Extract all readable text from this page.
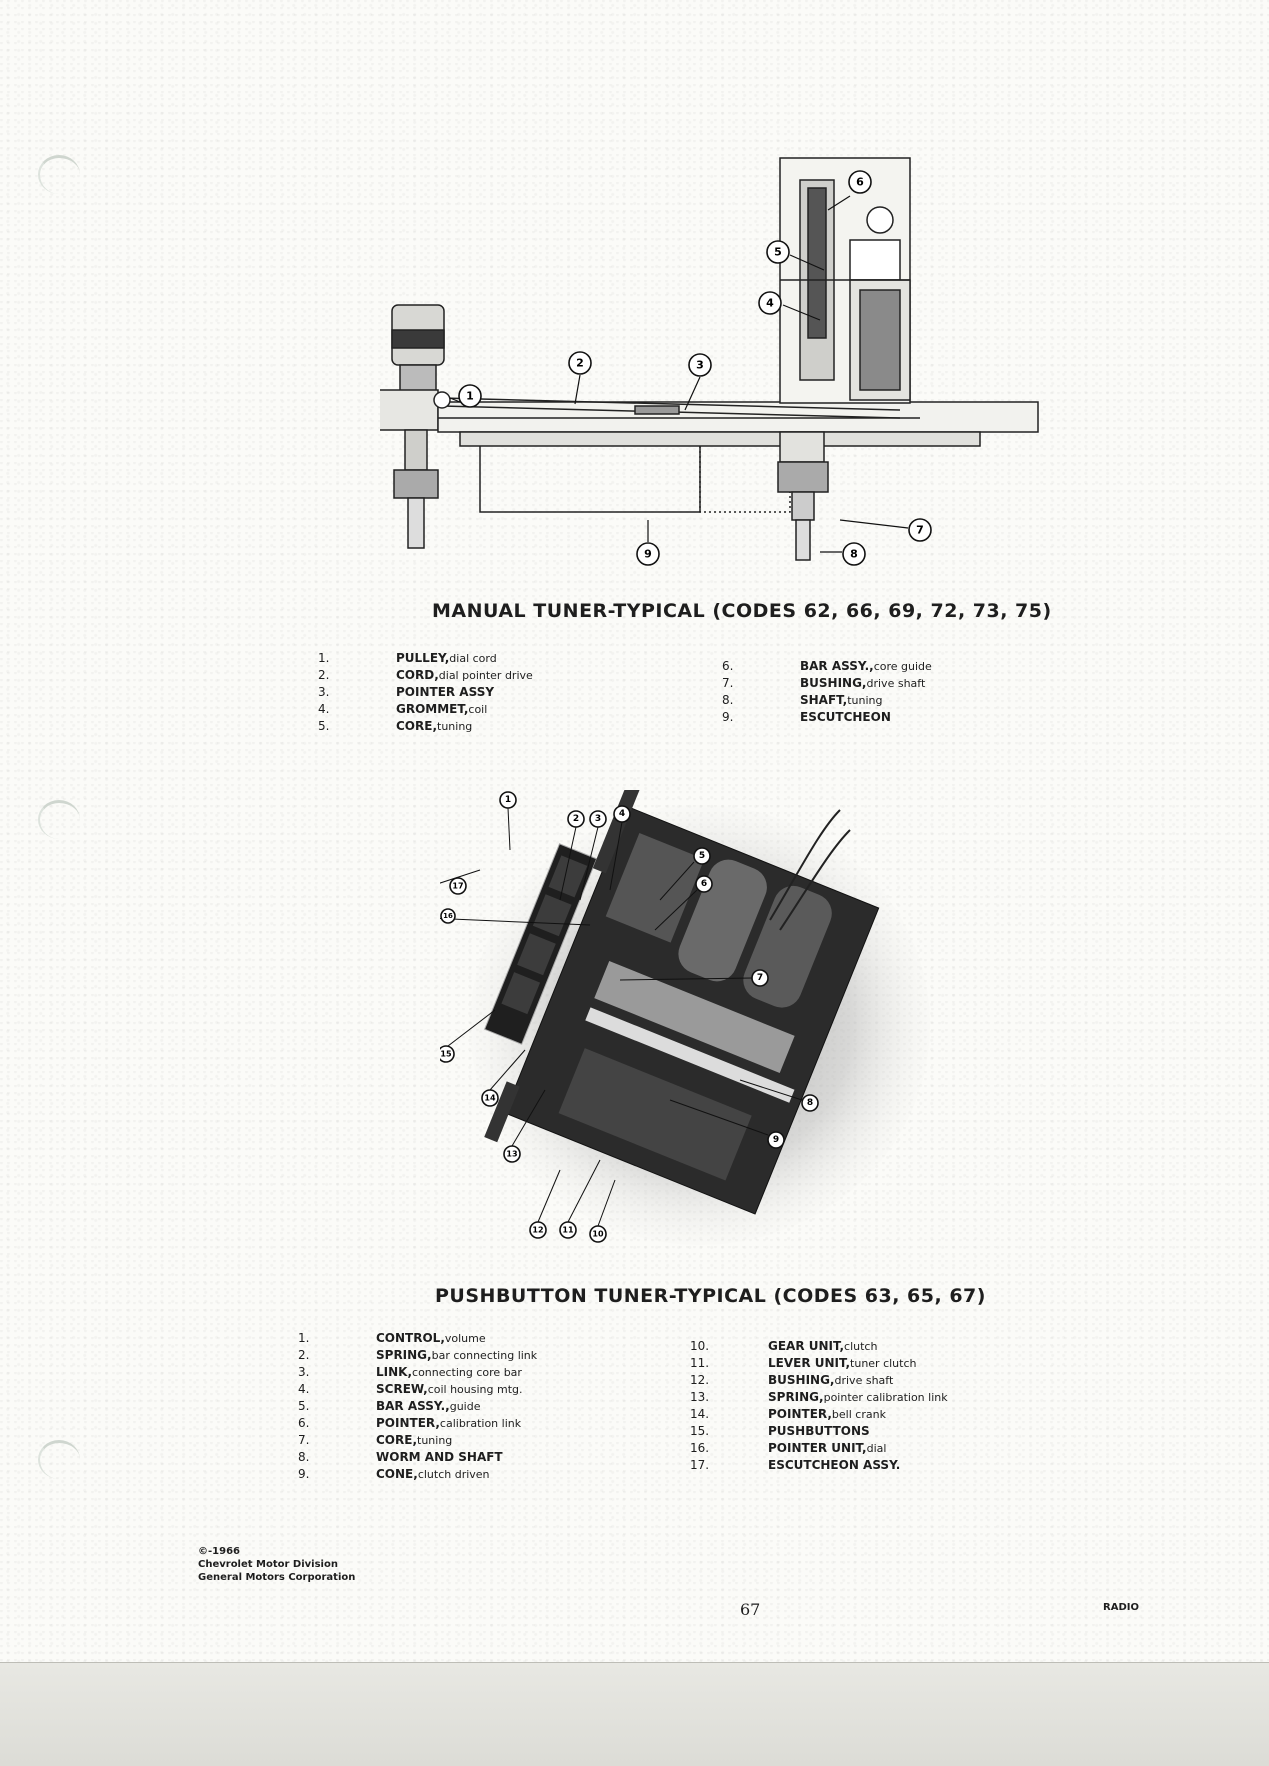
1
2	3
4
5
6
7
8
9
MANUAL TUNER-TYPICAL (CODES 62, 66, 69, 72, 73, 75)
1.	PULLEY, dial cord
2.	CORD, dial pointer drive
3.	POINTER ASSY
4.	GROMMET, coil
5.	CORE, tuning
6.	BAR ASSY., core guide
7.	BUSHING, drive shaft
8.	SHAFT, tuning
9.	ESCUTCHEON
1
2 3 4
5
6
7
8
9
10
11
12
13
14
15
17
16
PUSHBUTTON TUNER-TYPICAL (CODES 63, 65, 67)
1.	CONTROL, volume
2.	SPRING, bar connecting link
3.	LINK, connecting core bar
4.	SCREW, coil housing mtg.
5.	BAR ASSY., guide
6.	POINTER, calibration link
7.	CORE, tuning
8.	WORM AND SHAFT
9.	CONE, clutch driven
10.	GEAR UNIT, clutch
11.	LEVER UNIT, tuner clutch
12.	BUSHING, drive shaft
13.	SPRING, pointer calibration link
14.	POINTER, bell crank
15.	PUSHBUTTONS
16.	POINTER UNIT, dial
17.	ESCUTCHEON ASSY.
©-1966
Chevrolet Motor Division
General Motors Corporation
67	RADIO
